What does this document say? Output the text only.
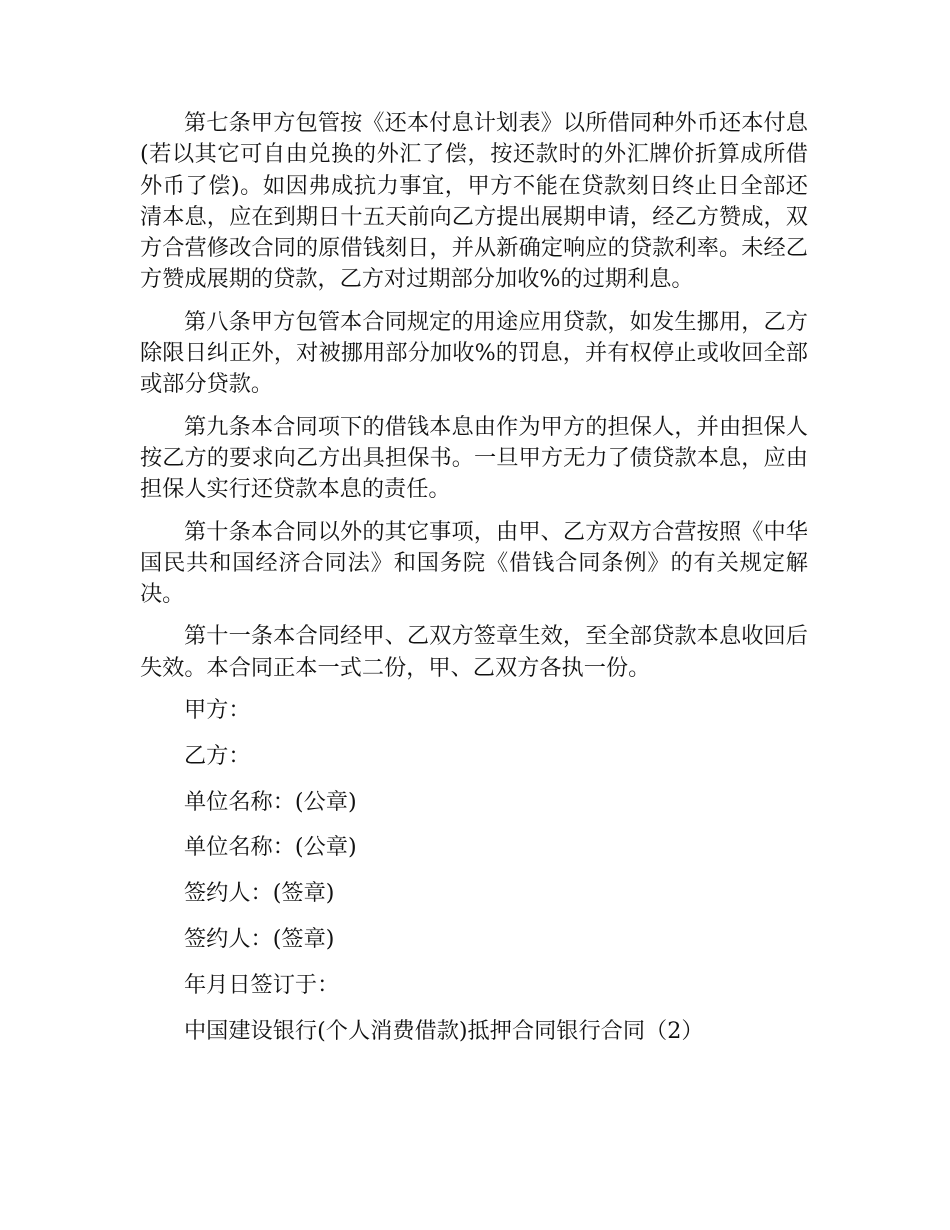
第七条甲方包管按《还本付息计划表》以所借同种外币还本付息(若以其它可自由兑换的外汇了偿，按还款时的外汇牌价折算成所借外币了偿)。如因弗成抗力事宜，甲方不能在贷款刻日终止日全部还清本息，应在到期日十五天前向乙方提出展期申请，经乙方赞成，双方合营修改合同的原借钱刻日，并从新确定响应的贷款利率。未经乙方赞成展期的贷款，乙方对过期部分加收%的过期利息。

第八条甲方包管本合同规定的用途应用贷款，如发生挪用，乙方除限日纠正外，对被挪用部分加收%的罚息，并有权停止或收回全部或部分贷款。

第九条本合同项下的借钱本息由作为甲方的担保人，并由担保人按乙方的要求向乙方出具担保书。一旦甲方无力了债贷款本息，应由担保人实行还贷款本息的责任。

第十条本合同以外的其它事项，由甲、乙方双方合营按照《中华国民共和国经济合同法》和国务院《借钱合同条例》的有关规定解决。

第十一条本合同经甲、乙双方签章生效，至全部贷款本息收回后失效。本合同正本一式二份，甲、乙双方各执一份。

甲方：

乙方：

单位名称：(公章)

单位名称：(公章)

签约人：(签章)

签约人：(签章)

年月日签订于：

中国建设银行(个人消费借款)抵押合同银行合同（2）
